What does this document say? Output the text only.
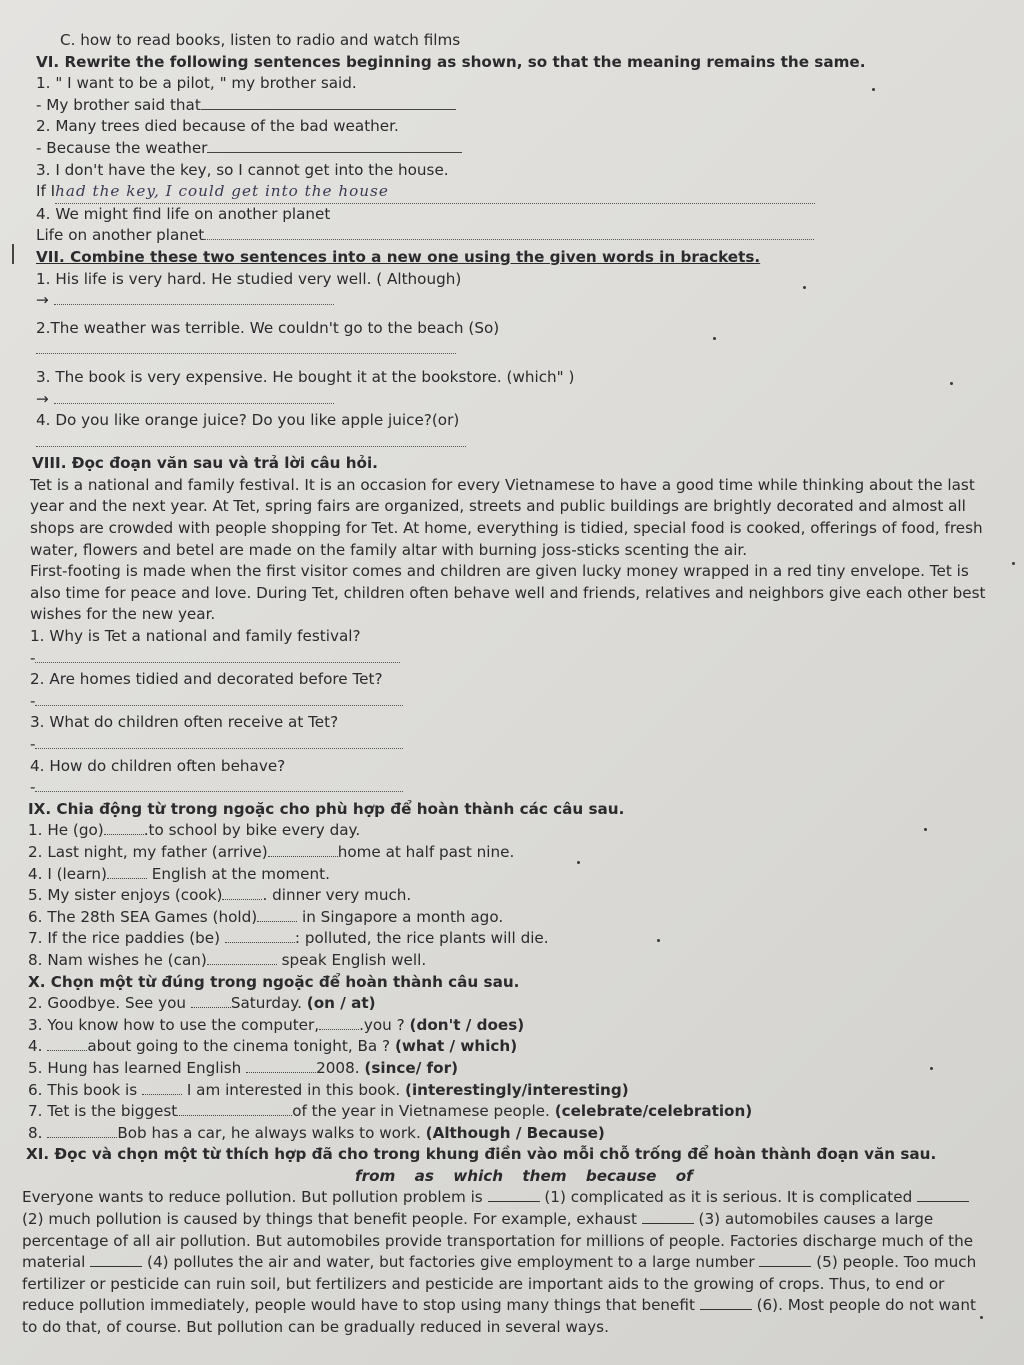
C. how to read books, listen to radio and watch films
VI. Rewrite the following sentences beginning as shown, so that the meaning remains the same.
1. " I want to be a pilot, " my brother said.
- My brother said that
2. Many trees died because of the bad weather.
- Because the weather
3. I don't have the key, so I cannot get into the house.
If Ihad the key, I could get into the house
4. We might find life on another planet
Life on another planet
VII. Combine these two sentences into a new one using the given words in brackets.
1. His life is very hard. He studied very well. ( Although)
→
2.The weather was terrible. We couldn't go to the beach (So)
3. The book is very expensive. He bought it at the bookstore. (which" )
→
4. Do you like orange juice? Do you like apple juice?(or)
VIII. Đọc đoạn văn sau và trả lời câu hỏi.
Tet is a national and family festival. It is an occasion for every Vietnamese to have a good time while thinking about the last year and the next year. At Tet, spring fairs are organized, streets and public buildings are brightly decorated and almost all shops are crowded with people shopping for Tet. At home, everything is tidied, special food is cooked, offerings of food, fresh water, flowers and betel are made on the family altar with burning joss-sticks scenting the air.
First-footing is made when the first visitor comes and children are given lucky money wrapped in a red tiny envelope. Tet is also time for peace and love. During Tet, children often behave well and friends, relatives and neighbors give each other best wishes for the new year.
1. Why is Tet a national and family festival?
-
2. Are homes tidied and decorated before Tet?
-
3. What do children often receive at Tet?
-
4. How do children often behave?
-
IX. Chia động từ trong ngoặc cho phù hợp để hoàn thành các câu sau.
1. He (go)	.to school by bike every day.
2. Last night, my father (arrive)	home at half past nine.
4. I (learn)	English at the moment.
5. My sister enjoys (cook)	. dinner very much.
6. The 28th SEA Games (hold)	in Singapore a month ago.
7. If the rice paddies (be)	: polluted, the rice plants will die.
8. Nam wishes he (can)	speak English well.
X. Chọn một từ đúng trong ngoặc để hoàn thành câu sau.
2. Goodbye. See you	Saturday. (on / at)
3. You know how to use the computer,	.you ? (don't / does)
4.	about going to the cinema tonight, Ba ? (what / which)
5. Hung has learned English	2008. (since/ for)
6. This book is	I am interested in this book. (interestingly/interesting)
7. Tet is the biggest	of the year in Vietnamese people. (celebrate/celebration)
8.	Bob has a car, he always walks to work. (Although / Because)
XI. Đọc và chọn một từ thích hợp đã cho trong khung điền vào mỗi chỗ trống để hoàn thành đoạn văn sau.
from as which them because of
Everyone wants to reduce pollution. But pollution problem is	(1) complicated as it is serious. It is complicated  (2) much pollution is caused by things that benefit people. For example, exhaust	(3) automobiles causes a large percentage of all air pollution. But automobiles provide transportation for millions of people. Factories discharge much of the material	(4) pollutes the air and water, but factories give employment to a large number	(5) people. Too much fertilizer or pesticide can ruin soil, but fertilizers and pesticide are important aids to the growing of crops. Thus, to end or reduce pollution immediately, people would have to stop using many things that benefit	(6). Most people do not want to do that, of course. But pollution can be gradually reduced in several ways.
